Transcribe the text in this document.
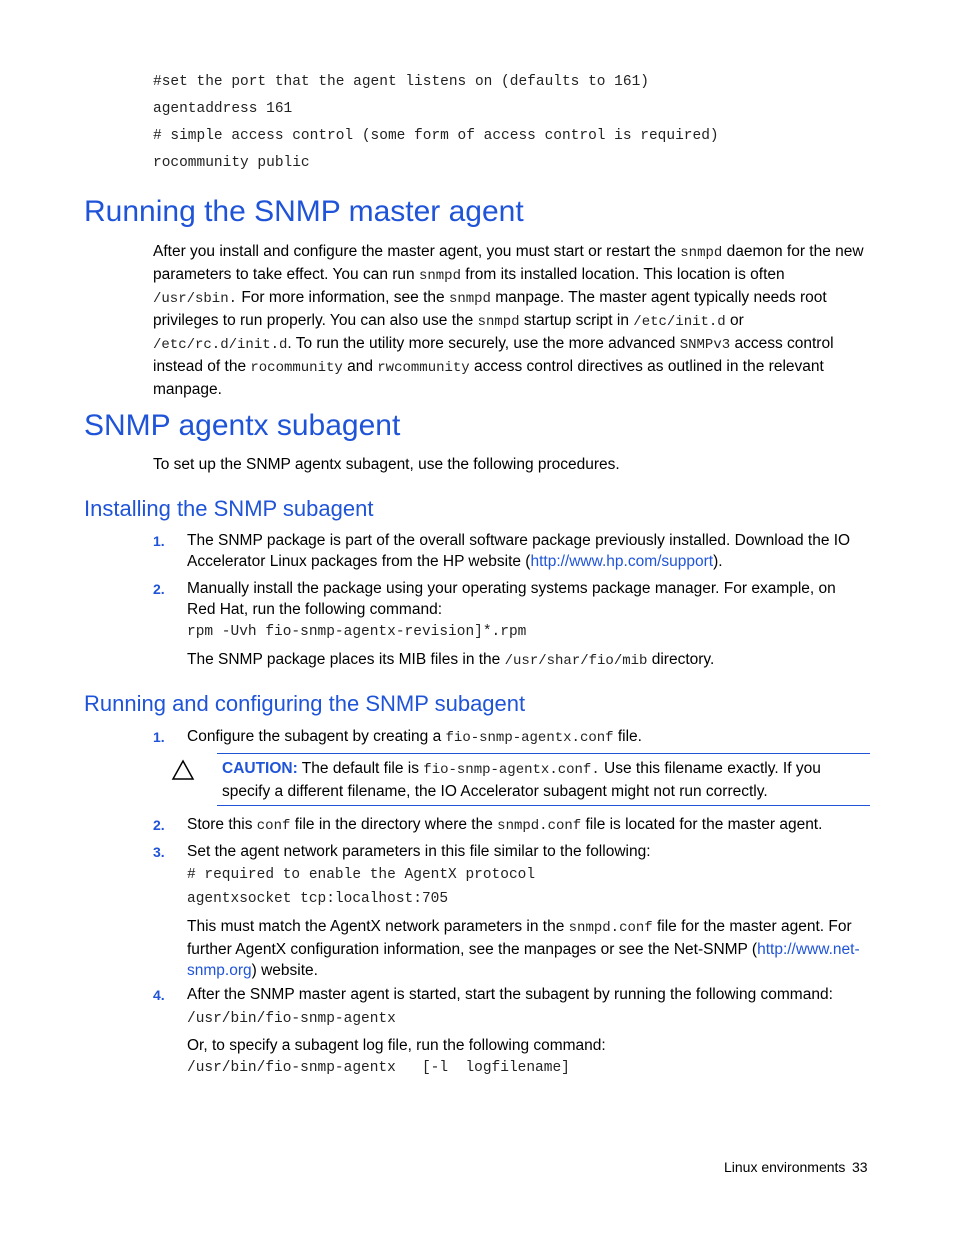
#set the port that the agent listens on (defaults to 161)
agentaddress 161
# simple access control (some form of access control is required)
rocommunity public
Running the SNMP master agent
After you install and configure the master agent, you must start or restart the snmpd daemon for the new parameters to take effect. You can run snmpd from its installed location. This location is often /usr/sbin. For more information, see the snmpd manpage. The master agent typically needs root privileges to run properly. You can also use the snmpd startup script in /etc/init.d or /etc/rc.d/init.d. To run the utility more securely, use the more advanced SNMPv3 access control instead of the rocommunity and rwcommunity access control directives as outlined in the relevant manpage.
SNMP agentx subagent
To set up the SNMP agentx subagent, use the following procedures.
Installing the SNMP subagent
1. The SNMP package is part of the overall software package previously installed. Download the IO Accelerator Linux packages from the HP website (http://www.hp.com/support).
2. Manually install the package using your operating systems package manager. For example, on Red Hat, run the following command:
rpm -Uvh fio-snmp-agentx-revision]*.rpm
The SNMP package places its MIB files in the /usr/shar/fio/mib directory.
Running and configuring the SNMP subagent
1. Configure the subagent by creating a fio-snmp-agentx.conf file.
CAUTION: The default file is fio-snmp-agentx.conf. Use this filename exactly. If you specify a different filename, the IO Accelerator subagent might not run correctly.
2. Store this conf file in the directory where the snmpd.conf file is located for the master agent.
3. Set the agent network parameters in this file similar to the following:
# required to enable the AgentX protocol
agentxsocket tcp:localhost:705
This must match the AgentX network parameters in the snmpd.conf file for the master agent. For further AgentX configuration information, see the manpages or see the Net-SNMP (http://www.net-snmp.org) website.
4. After the SNMP master agent is started, start the subagent by running the following command:
/usr/bin/fio-snmp-agentx
Or, to specify a subagent log file, run the following command:
/usr/bin/fio-snmp-agentx   [-l  logfilename]
Linux environments 33
